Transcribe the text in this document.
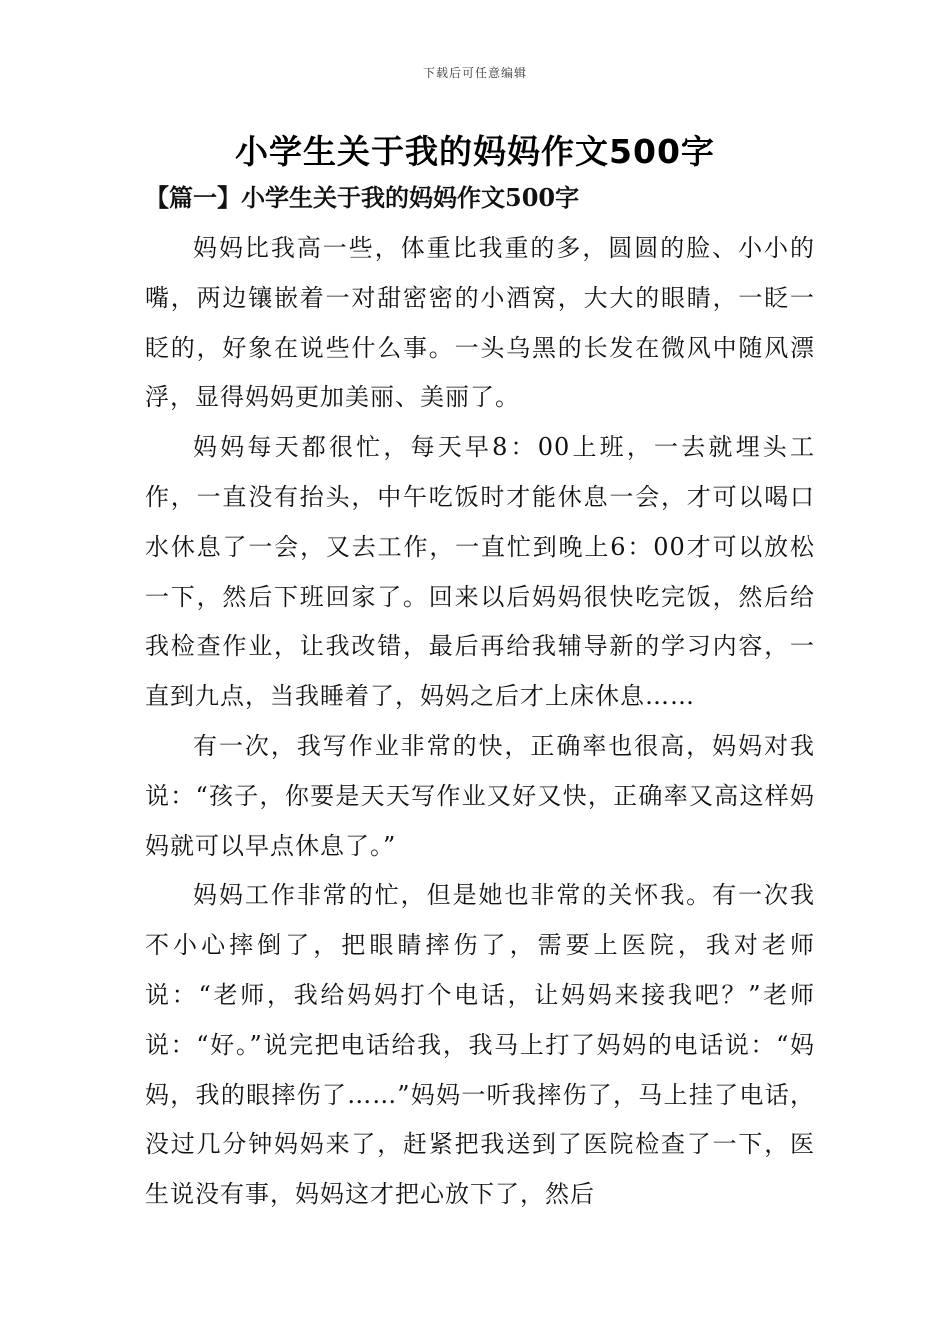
下载后可任意编辑
小学生关于我的妈妈作文500字
【篇一】小学生关于我的妈妈作文500字

妈妈比我高一些，体重比我重的多，圆圆的脸、小小的嘴，两边镶嵌着一对甜密密的小酒窝，大大的眼睛，一眨一眨的，好象在说些什么事。一头乌黑的长发在微风中随风漂浮，显得妈妈更加美丽、美丽了。

妈妈每天都很忙，每天早8：00上班，一去就埋头工作，一直没有抬头，中午吃饭时才能休息一会，才可以喝口水休息了一会，又去工作，一直忙到晚上6：00才可以放松一下，然后下班回家了。回来以后妈妈很快吃完饭，然后给我检查作业，让我改错，最后再给我辅导新的学习内容，一直到九点，当我睡着了，妈妈之后才上床休息……

有一次，我写作业非常的快，正确率也很高，妈妈对我说：“孩子，你要是天天写作业又好又快，正确率又高这样妈妈就可以早点休息了。”

妈妈工作非常的忙，但是她也非常的关怀我。有一次我不小心摔倒了，把眼睛摔伤了，需要上医院，我对老师说：“老师，我给妈妈打个电话，让妈妈来接我吧？”老师说：“好。”说完把电话给我，我马上打了妈妈的电话说：“妈妈，我的眼摔伤了……”妈妈一听我摔伤了，马上挂了电话，没过几分钟妈妈来了，赶紧把我送到了医院检查了一下，医生说没有事，妈妈这才把心放下了，然后
